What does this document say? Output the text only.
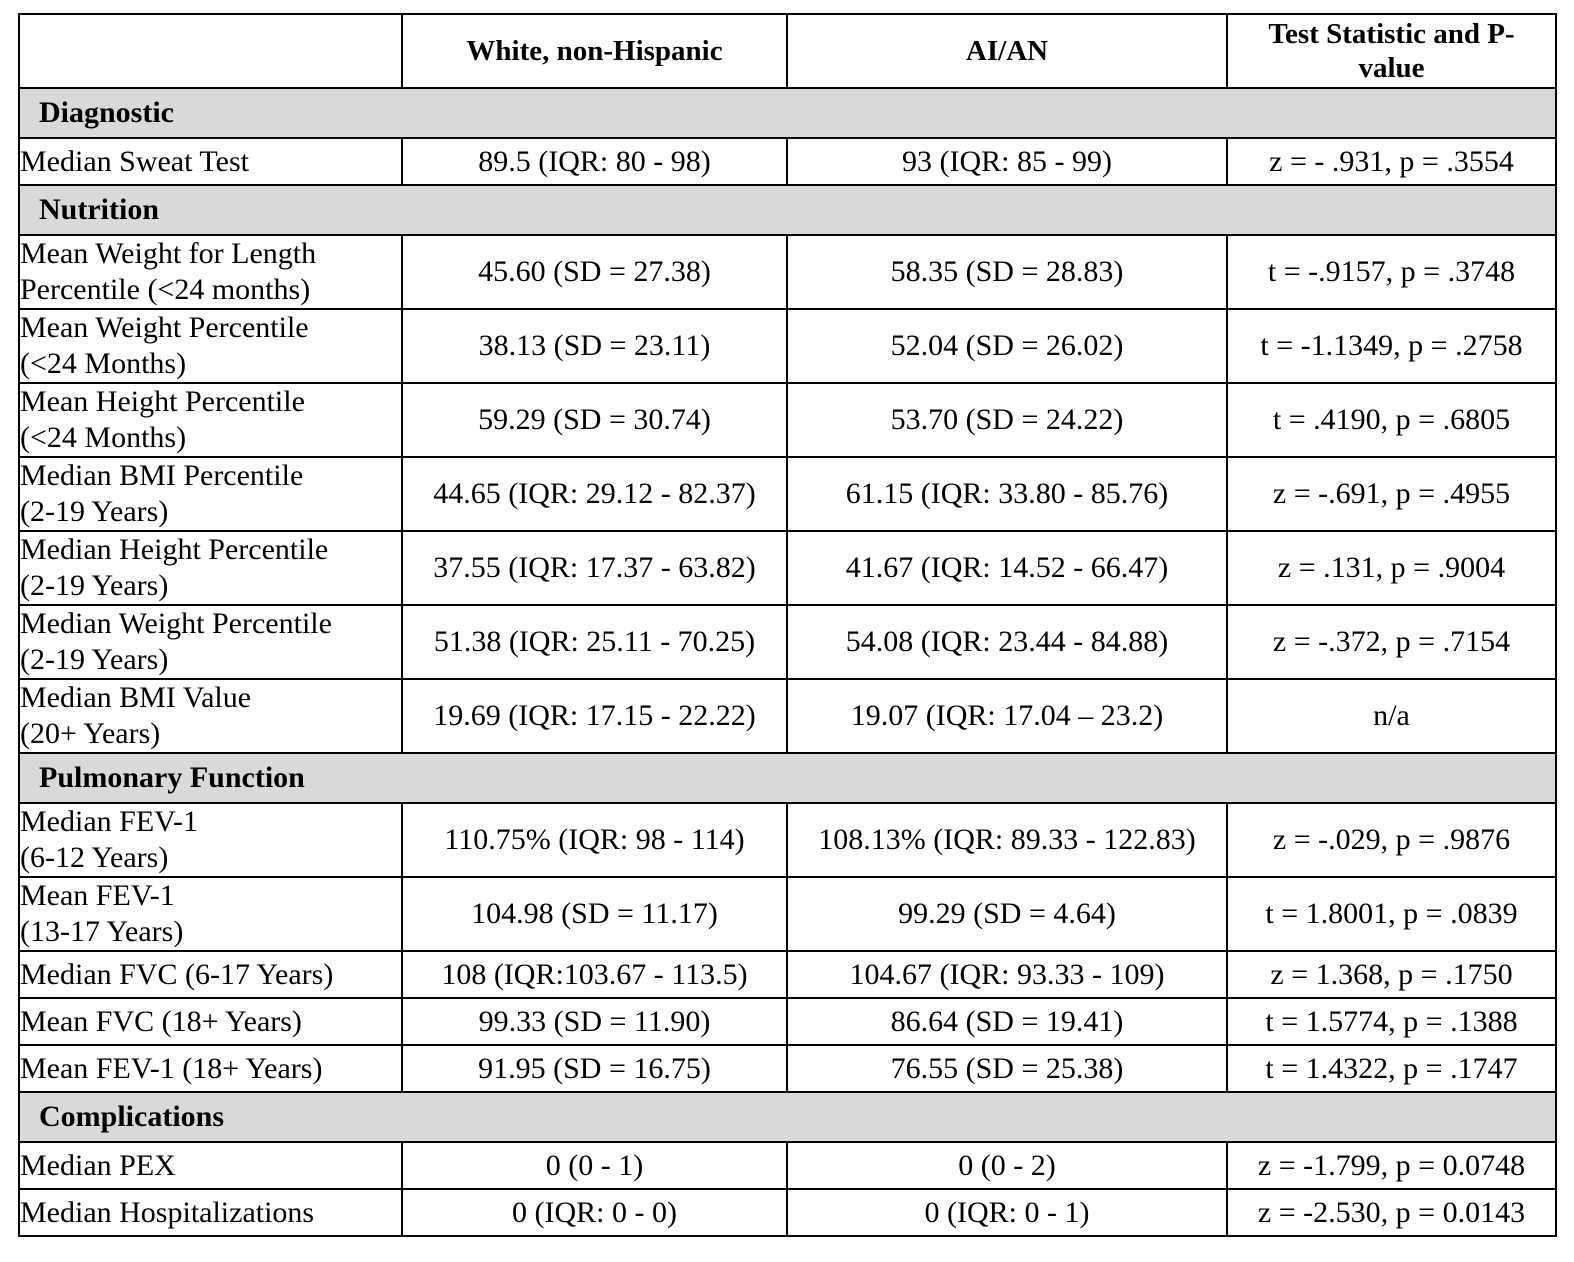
	White, non-Hispanic	AI/AN	Test Statistic and P-
value
Diagnostic			
Median Sweat Test	89.5 (IQR: 80 - 98)	93 (IQR: 85 - 99)	z = - .931, p = .3554
Nutrition			
Mean Weight for Length
Percentile (<24 months)	45.60 (SD = 27.38)	58.35 (SD = 28.83)	t = -.9157, p = .3748
Mean Weight Percentile
(<24 Months)	38.13 (SD = 23.11)	52.04 (SD = 26.02)	t = -1.1349, p = .2758
Mean Height Percentile
(<24 Months)	59.29 (SD = 30.74)	53.70 (SD = 24.22)	t = .4190, p = .6805
Median BMI Percentile
(2-19 Years)	44.65 (IQR: 29.12 - 82.37)	61.15 (IQR: 33.80 - 85.76)	z = -.691, p = .4955
Median Height Percentile
(2-19 Years)	37.55 (IQR: 17.37 - 63.82)	41.67 (IQR: 14.52 - 66.47)	z = .131, p = .9004
Median Weight Percentile
(2-19 Years)	51.38 (IQR: 25.11 - 70.25)	54.08 (IQR: 23.44 - 84.88)	z = -.372, p = .7154
Median BMI Value
(20+ Years)	19.69 (IQR: 17.15 - 22.22)	19.07 (IQR: 17.04 – 23.2)	n/a
Pulmonary Function			
Median FEV-1
(6-12 Years)	110.75% (IQR: 98 - 114)	108.13% (IQR: 89.33 - 122.83)	z = -.029, p = .9876
Mean FEV-1
(13-17 Years)	104.98 (SD = 11.17)	99.29 (SD = 4.64)	t = 1.8001, p = .0839
Median FVC (6-17 Years)	108 (IQR:103.67 - 113.5)	104.67 (IQR: 93.33 - 109)	z = 1.368, p = .1750
Mean FVC (18+ Years)	99.33 (SD = 11.90)	86.64 (SD = 19.41)	t = 1.5774, p = .1388
Mean FEV-1 (18+ Years)	91.95 (SD = 16.75)	76.55 (SD = 25.38)	t = 1.4322, p = .1747
Complications			
Median PEX	0 (0 - 1)	0 (0 - 2)	z = -1.799, p = 0.0748
Median Hospitalizations	0 (IQR: 0 - 0)	0 (IQR: 0 - 1)	z = -2.530, p = 0.0143
